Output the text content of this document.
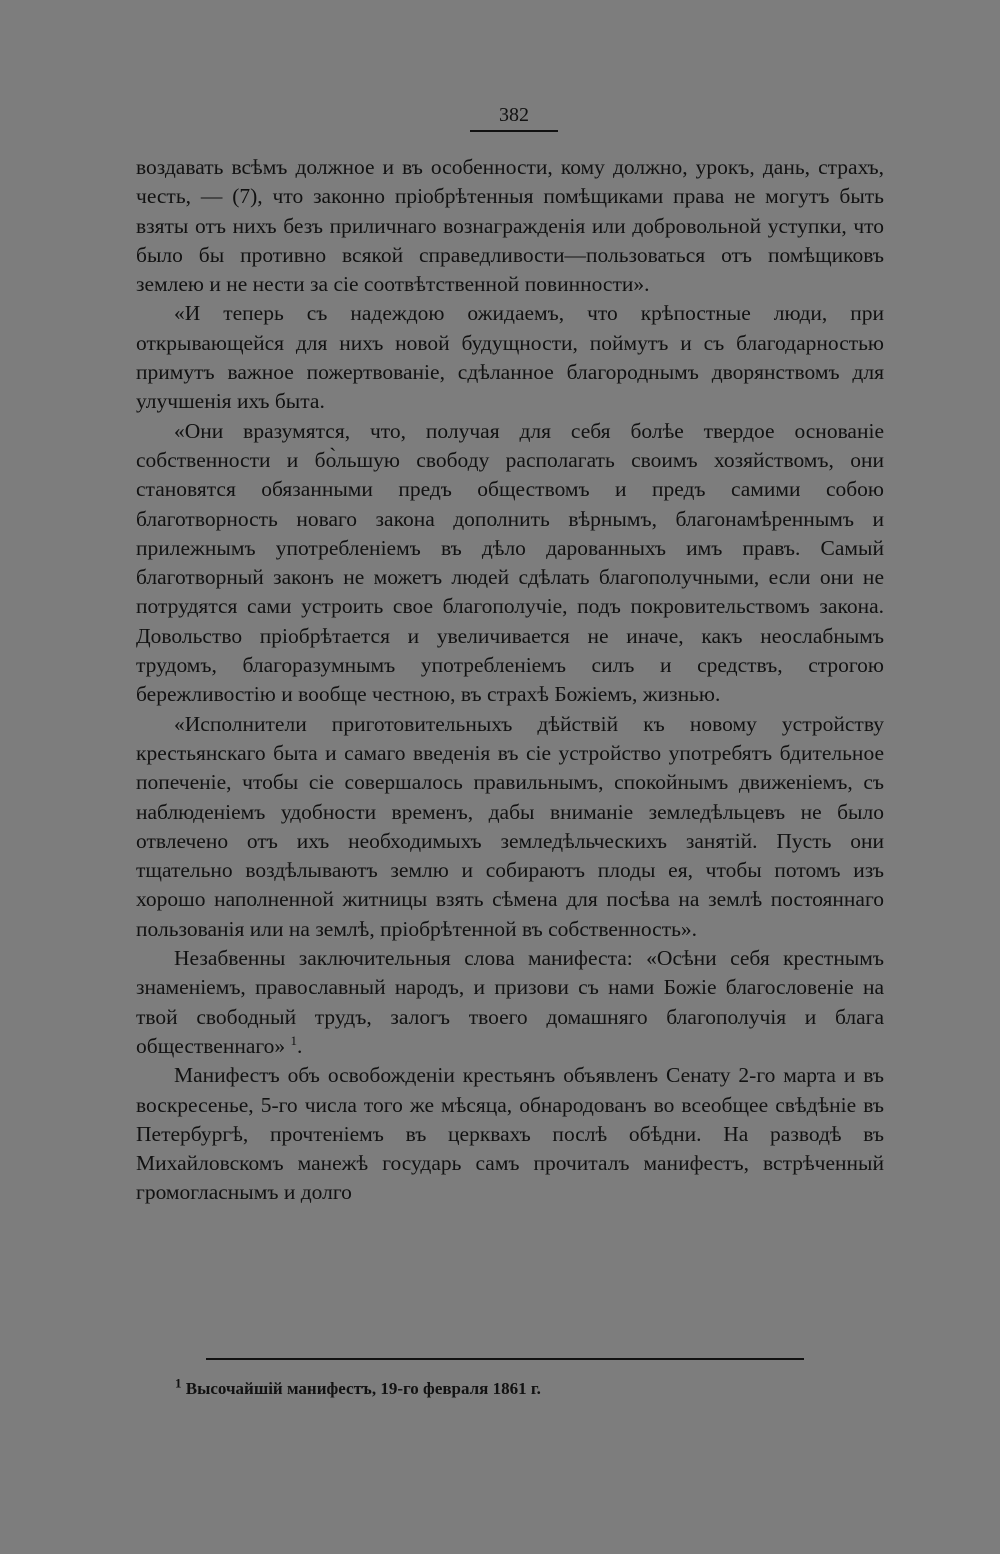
382

воздавать всѣмъ должное и въ особенности, кому должно, урокъ, дань, страхъ, честь, — (7), что законно пріобрѣтенныя помѣщиками права не могутъ быть взяты отъ нихъ безъ приличнаго вознагражденія или добровольной уступки, что было бы противно всякой справедливости—пользоваться отъ помѣщиковъ землею и не нести за сіе соотвѣтственной повинности».

«И теперь съ надеждою ожидаемъ, что крѣпостные люди, при открывающейся для нихъ новой будущности, поймутъ и съ благодарностью примутъ важное пожертвованіе, сдѣланное благороднымъ дворянствомъ для улучшенія ихъ быта.

«Они вразумятся, что, получая для себя болѣе твердое основаніе собственности и бо̀льшую свободу располагать своимъ хозяйствомъ, они становятся обязанными предъ обществомъ и предъ самими собою благотворность новаго закона дополнить вѣрнымъ, благонамѣреннымъ и прилежнымъ употребленіемъ въ дѣло дарованныхъ имъ правъ. Самый благотворный законъ не можетъ людей сдѣлать благополучными, если они не потрудятся сами устроить свое благополучіе, подъ покровительствомъ закона. Довольство пріобрѣтается и увеличивается не иначе, какъ неослабнымъ трудомъ, благоразумнымъ употребленіемъ силъ и средствъ, строгою бережливостію и вообще честною, въ страхѣ Божіемъ, жизнью.

«Исполнители приготовительныхъ дѣйствій къ новому устройству крестьянскаго быта и самаго введенія въ сіе устройство употребятъ бдительное попеченіе, чтобы сіе совершалось правильнымъ, спокойнымъ движеніемъ, съ наблюденіемъ удобности временъ, дабы вниманіе земледѣльцевъ не было отвлечено отъ ихъ необходимыхъ земледѣльческихъ занятій. Пусть они тщательно воздѣлываютъ землю и собираютъ плоды ея, чтобы потомъ изъ хорошо наполненной житницы взять сѣмена для посѣва на землѣ постояннаго пользованія или на землѣ, пріобрѣтенной въ собственность».

Незабвенны заключительныя слова манифеста: «Осѣни себя крестнымъ знаменіемъ, православный народъ, и призови съ нами Божіе благословеніе на твой свободный трудъ, залогъ твоего домашняго благополучія и блага общественнаго» $^1$.

Манифестъ объ освобожденіи крестьянъ объявленъ Сенату 2-го марта и въ воскресенье, 5-го числа того же мѣсяца, обнародованъ во всеобщее свѣдѣніе въ Петербургѣ, прочтеніемъ въ церквахъ послѣ обѣдни. На разводѣ въ Михайловскомъ манежѣ государь самъ прочиталъ манифестъ, встрѣченный громогласнымъ и долго

$^1$ Высочайшій манифестъ, 19-го февраля 1861 г.
